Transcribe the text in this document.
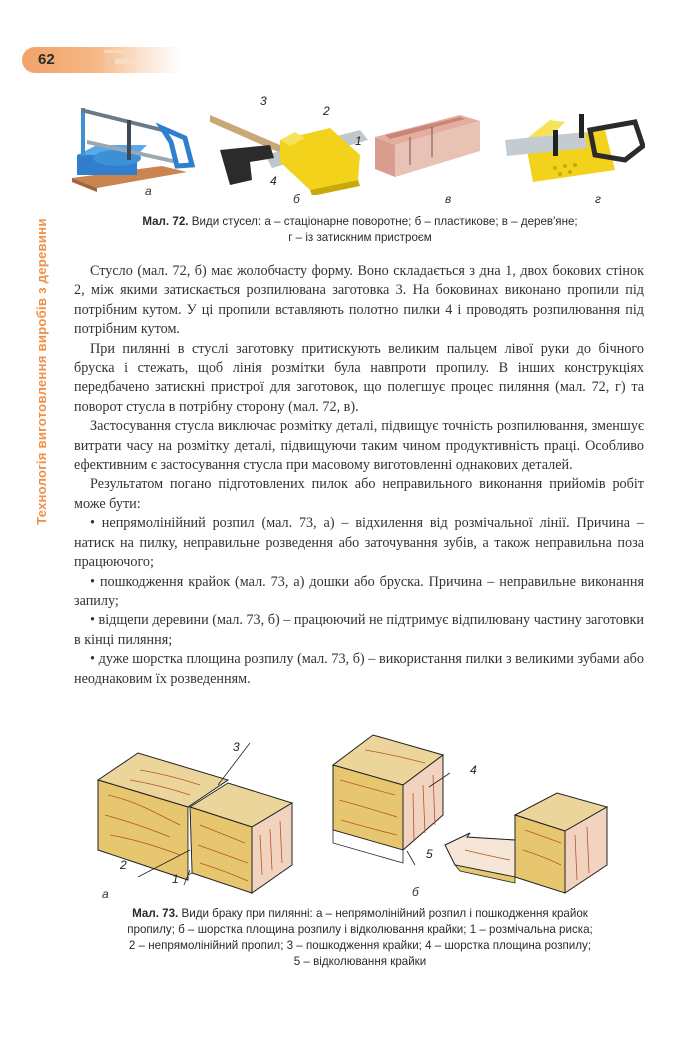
62
Технологія виготовлення виробів з деревини
а
3
2
1
4
б	в	г
Мал. 72. Види стусел: а – стаціонарне поворотне; б – пластикове; в – дерев'яне;
г – із затискним пристроєм

Стусло (мал. 72, б) має жолобчасту форму. Воно складається з дна 1, двох бокових стінок 2, між якими затискається розпилювана заготовка 3. На боковинах виконано пропили під потрібним кутом. У ці пропили вставляють полотно пилки 4 і проводять розпилювання під потрібним кутом.

При пилянні в стуслі заготовку притискують великим пальцем лівої руки до бічного бруска і стежать, щоб лінія розмітки була навпроти пропилу. В інших конструкціях передбачено затискні пристрої для заготовок, що полегшує процес пиляння (мал. 72, г) та поворот стусла в потрібну сторону (мал. 72, в).

Застосування стусла виключає розмітку деталі, підвищує точність розпилювання, зменшує витрати часу на розмітку деталі, підвищуючи таким чином продуктивність праці. Особливо ефективним є застосування стусла при масовому виготовленні однакових деталей.

Результатом погано підготовлених пилок або неправильного виконання прийомів робіт може бути:

• непрямолінійний розпил (мал. 73, а) – відхилення від розмічальної лінії. Причина – натиск на пилку, неправильне розведення або заточування зубів, а також неправильна поза працюючого;

• пошкодження крайок (мал. 73, а) дошки або бруска. Причина – неправильне виконання запилу;

• відщепи деревини (мал. 73, б) – працюючий не підтримує відпилювану частину заготовки в кінці пиляння;

• дуже шорстка площина розпилу (мал. 73, б) – використання пилки з великими зубами або неоднаковим їх розведенням.

3
2
1
а
4
5
б
Мал. 73. Види браку при пилянні: а – непрямолінійний розпил і пошкодження крайок
пропилу; б – шорстка площина розпилу і відколювання крайки; 1 – розмічальна риска;
2 – непрямолінійний пропил; 3 – пошкодження крайки; 4 – шорстка площина розпилу;
5 – відколювання крайки
